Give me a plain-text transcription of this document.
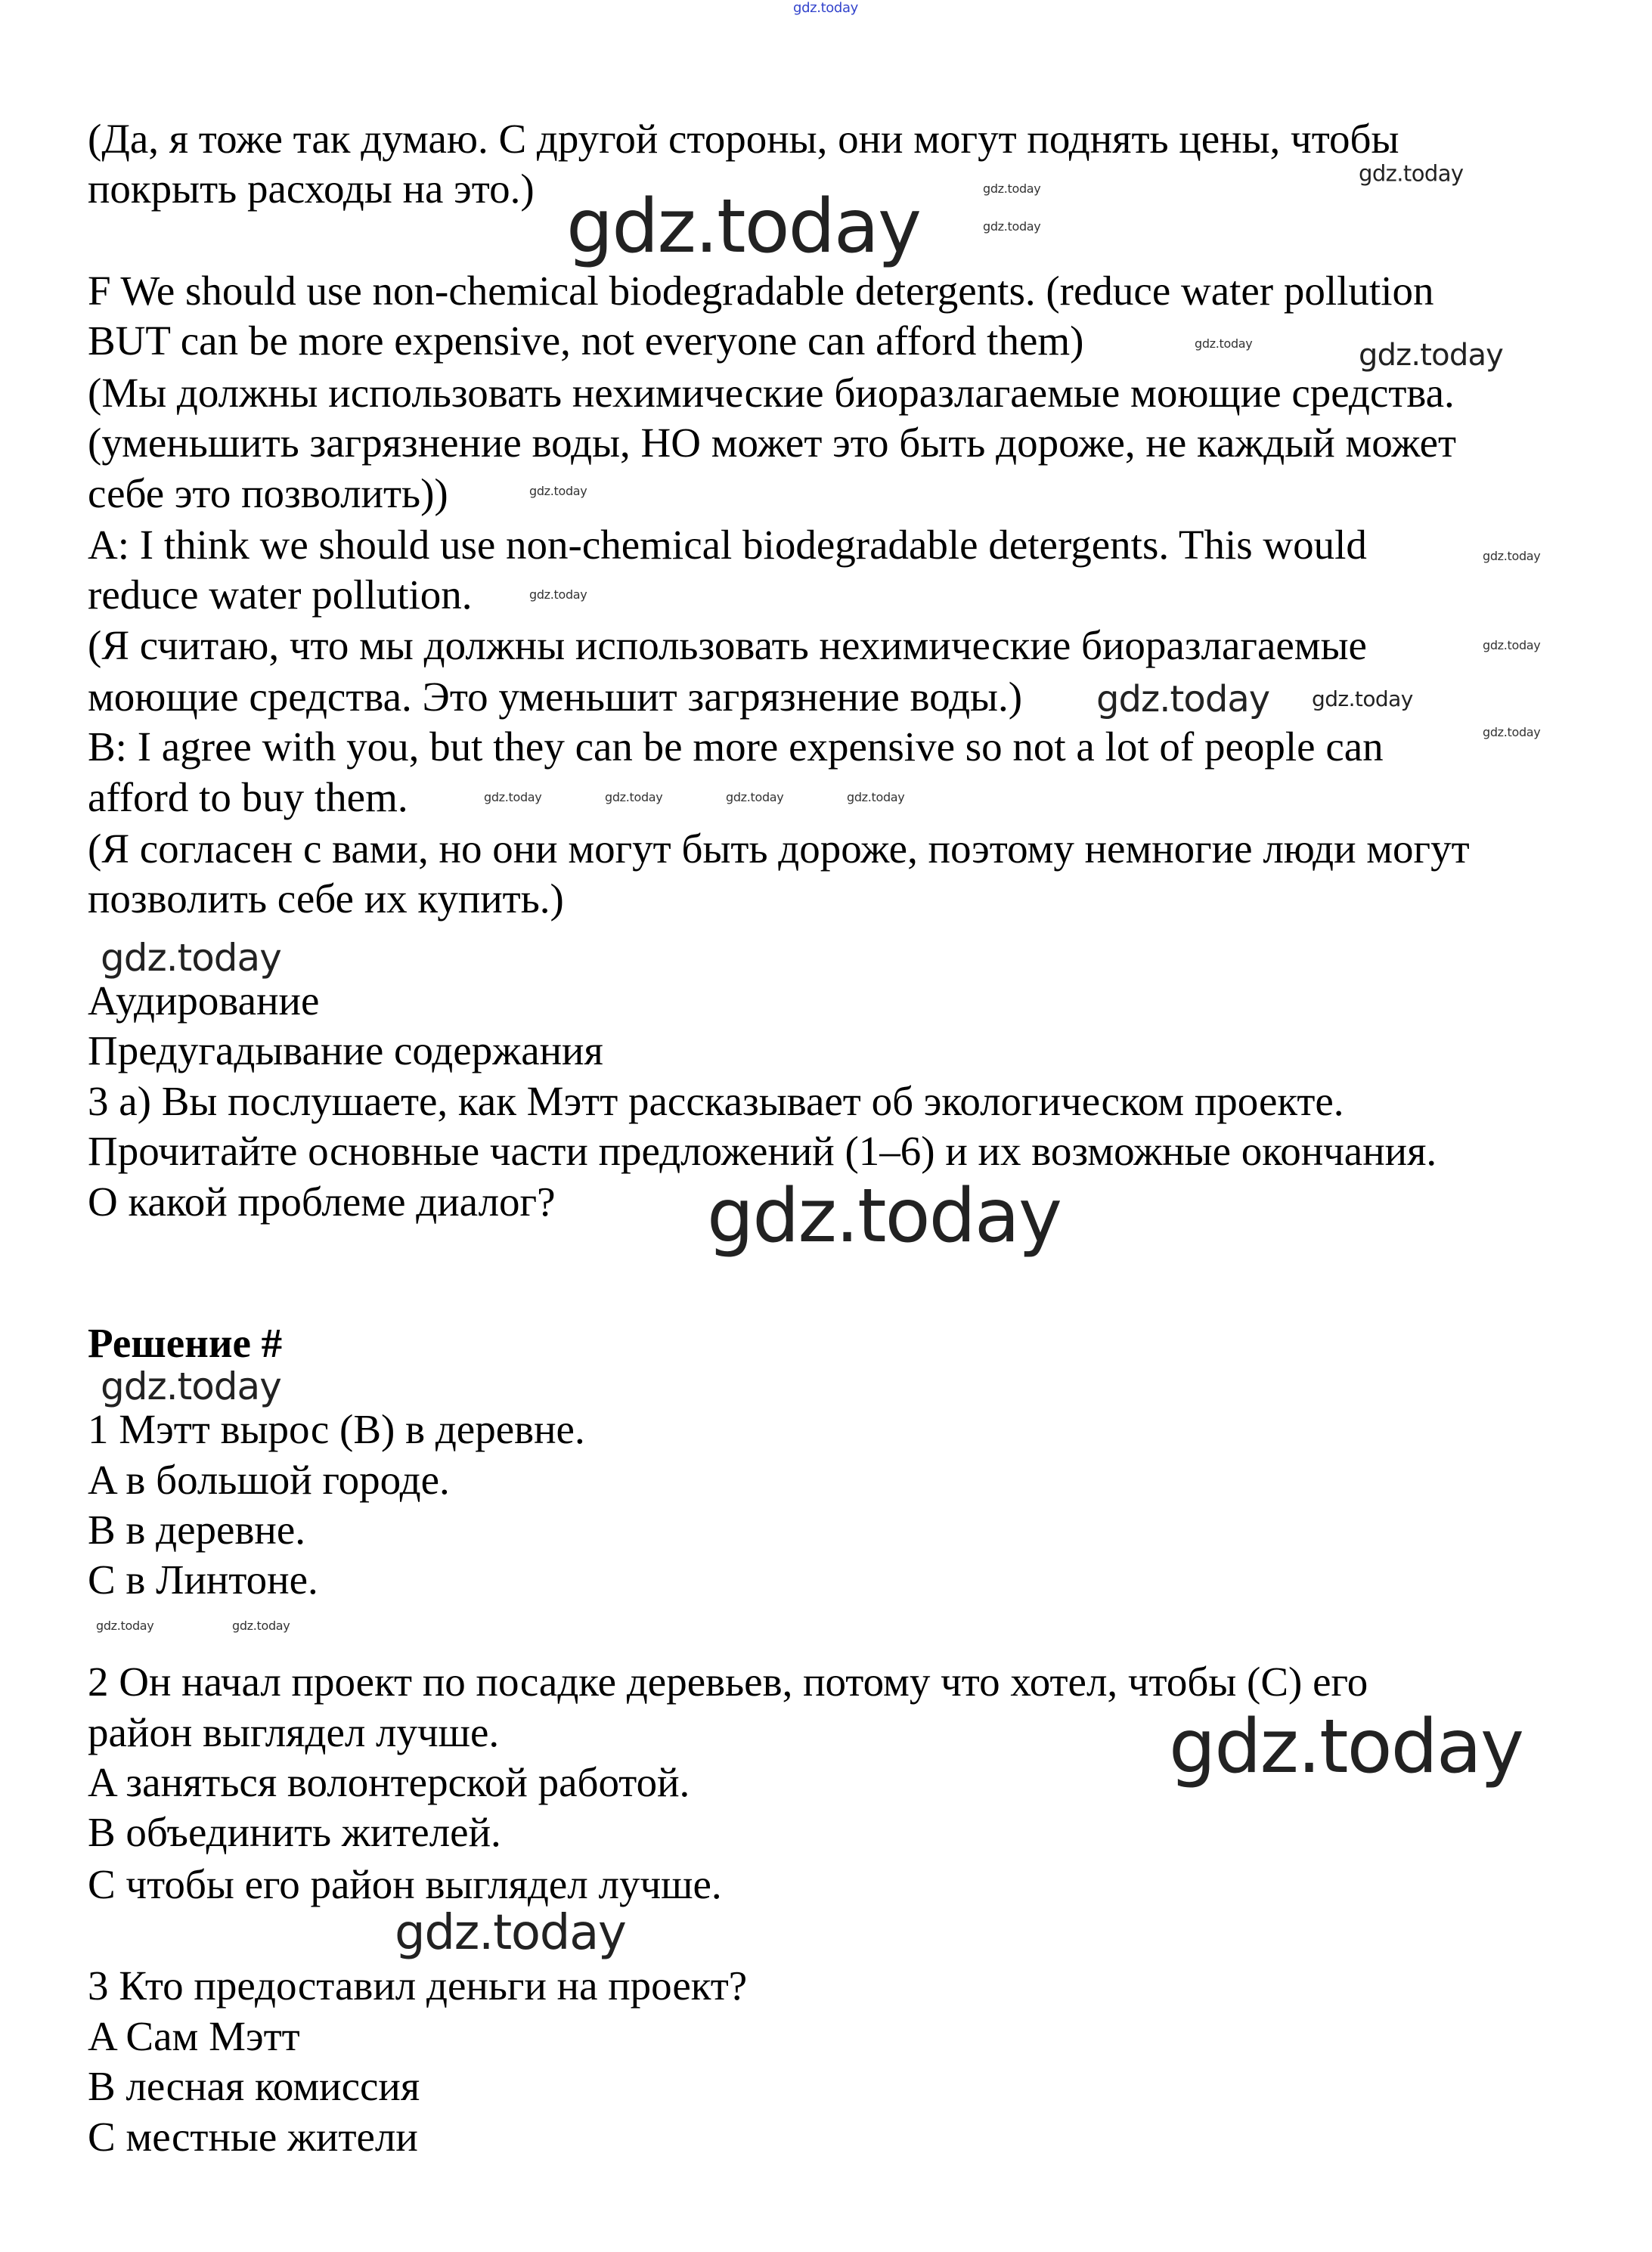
(Да, я тоже так думаю. С другой стороны, они могут поднять цены, чтобы
покрыть расходы на это.)
F We should use non-chemical biodegradable detergents. (reduce water pollution
BUT can be more expensive, not everyone can afford them)
(Мы должны использовать нехимические биоразлагаемые моющие средства.
(уменьшить загрязнение воды, НО может это быть дороже, не каждый может
себе это позволить))
A: I think we should use non-chemical biodegradable detergents. This would
reduce water pollution.
(Я считаю, что мы должны использовать нехимические биоразлагаемые
моющие средства. Это уменьшит загрязнение воды.)
B: I agree with you, but they can be more expensive so not a lot of people can
afford to buy them.
(Я согласен с вами, но они могут быть дороже, поэтому немногие люди могут
позволить себе их купить.)
Аудирование
Предугадывание содержания
3 а) Вы послушаете, как Мэтт рассказывает об экологическом проекте.
Прочитайте основные части предложений (1–6) и их возможные окончания.
О какой проблеме диалог?
Решение #
1 Мэтт вырос (B) в деревне.
A в большой городе.
B в деревне.
C в Линтоне.
2 Он начал проект по посадке деревьев, потому что хотел, чтобы (C) его
район выглядел лучше.
A заняться волонтерской работой.
B объединить жителей.
C чтобы его район выглядел лучше.
3 Кто предоставил деньги на проект?
A Сам Мэтт
B лесная комиссия
C местные жители
gdz.today
gdz.today
gdz.today
gdz.today
gdz.today
gdz.today
gdz.today
gdz.today
gdz.today
gdz.today gdz.today
gdz.today
gdz.today
gdz.today
gdz.today
gdz.today
gdz.today	gdz.today	gdz.today	gdz.today
gdz.today
gdz.today
gdz.today
gdz.today	gdz.today
